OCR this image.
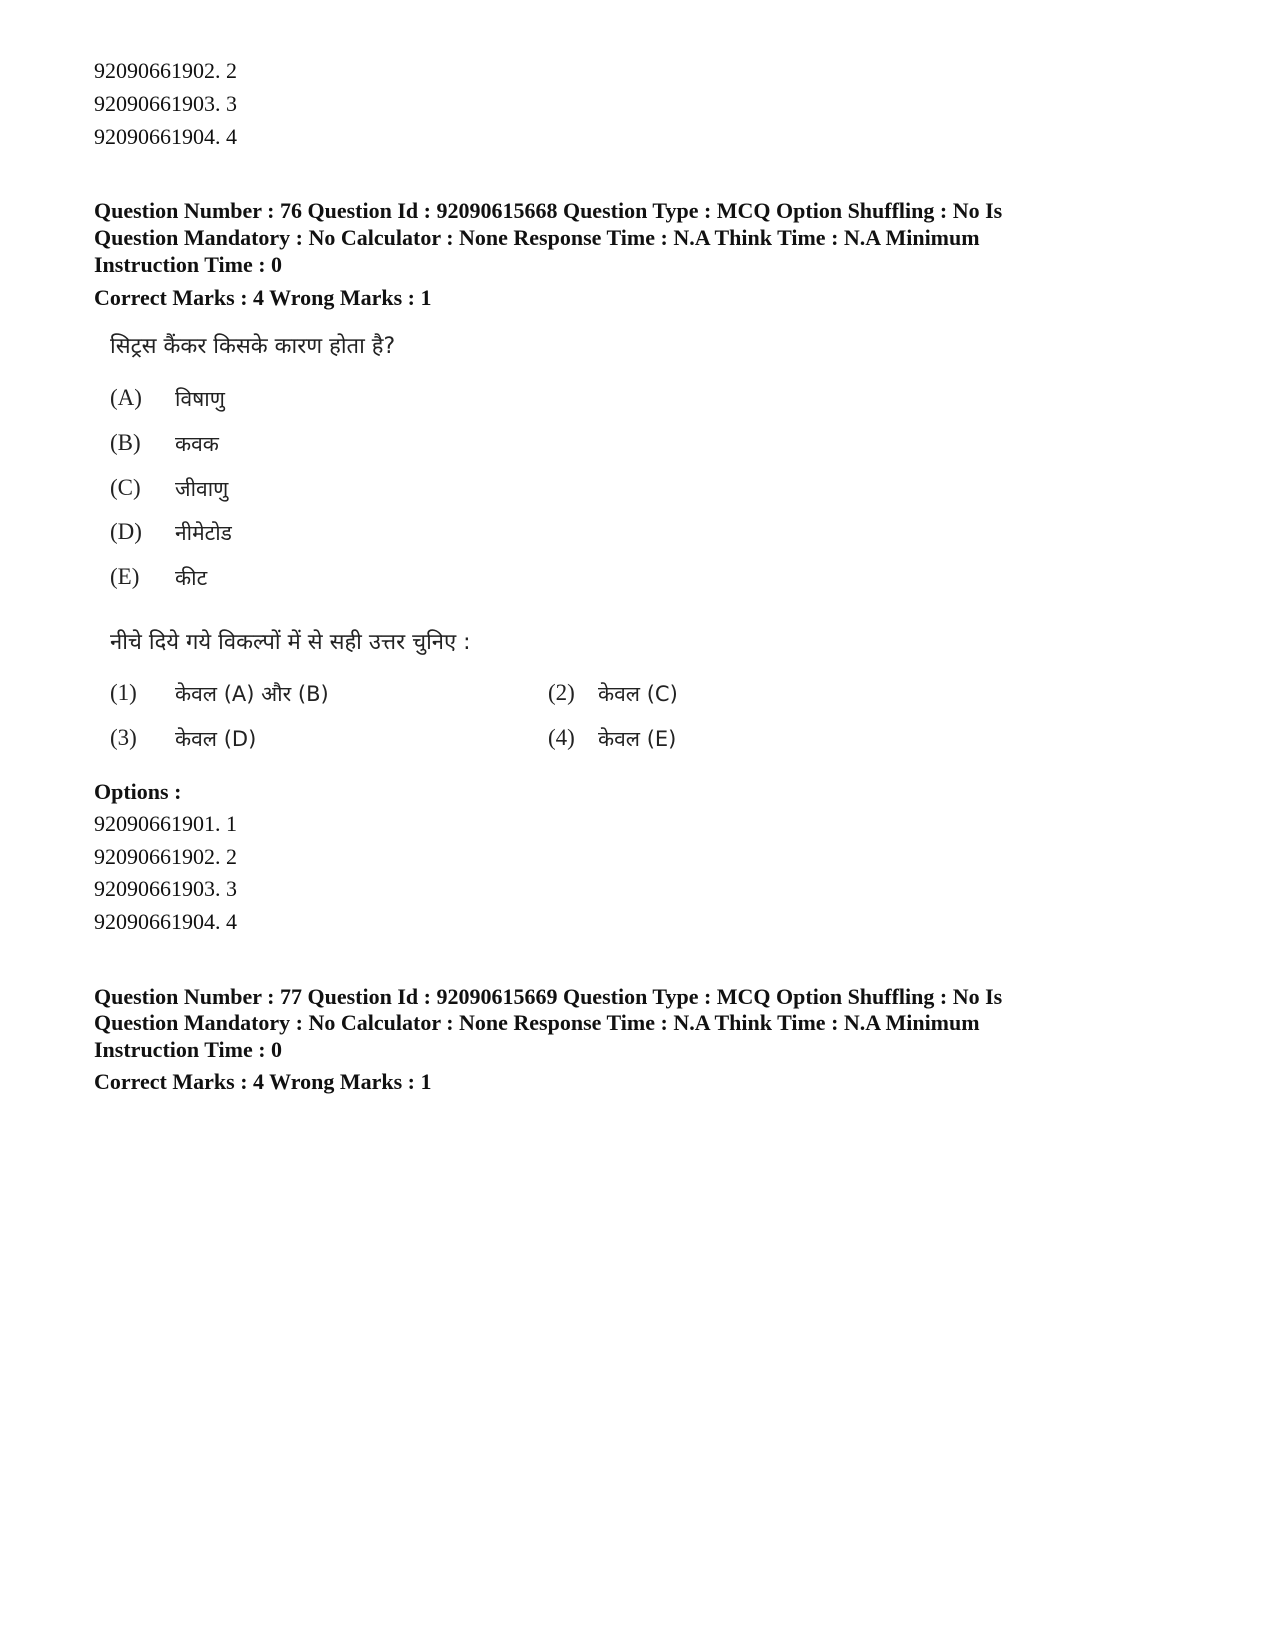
92090661902. 2
92090661903. 3
92090661904. 4
Question Number : 76 Question Id : 92090615668 Question Type : MCQ Option Shuffling : No Is
Question Mandatory : No Calculator : None Response Time : N.A Think Time : N.A Minimum
Instruction Time : 0
Correct Marks : 4 Wrong Marks : 1
सिट्रस कैंकर किसके कारण होता है?
(A) विषाणु
(B) कवक
(C) जीवाणु
(D) नीमेटोड
(E) कीट
नीचे दिये गये विकल्पों में से सही उत्तर चुनिए :
(1) केवल (A) और (B)	(2) केवल (C)
(3) केवल (D)	(4) केवल (E)
Options :
92090661901. 1
92090661902. 2
92090661903. 3
92090661904. 4
Question Number : 77 Question Id : 92090615669 Question Type : MCQ Option Shuffling : No Is
Question Mandatory : No Calculator : None Response Time : N.A Think Time : N.A Minimum
Instruction Time : 0
Correct Marks : 4 Wrong Marks : 1
